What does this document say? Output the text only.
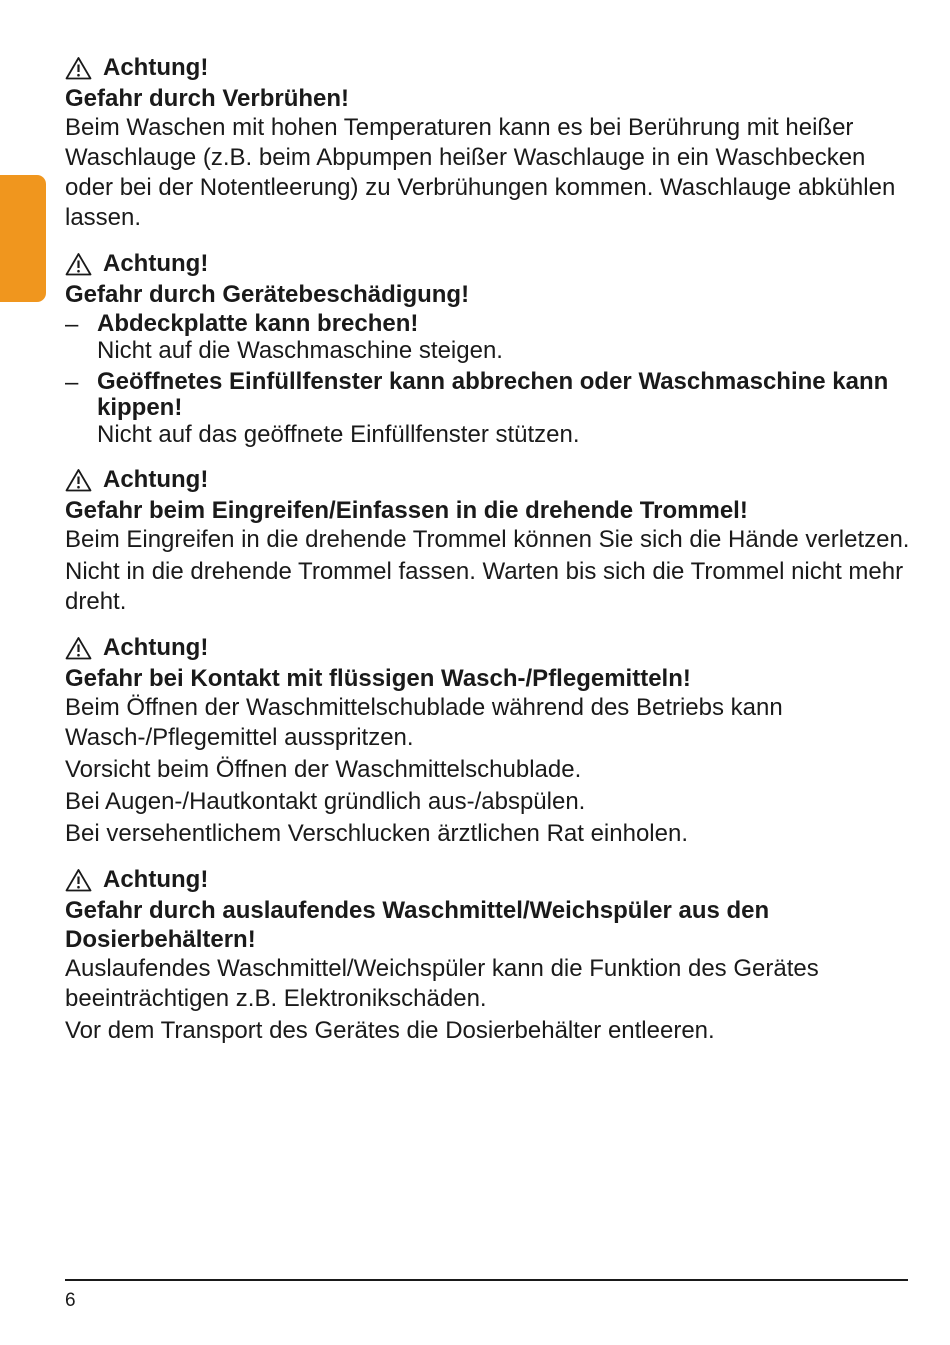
Achtung!
Gefahr durch Verbrühen!
Beim Waschen mit hohen Temperaturen kann es bei Berührung mit heißer Waschlauge (z.B. beim Abpumpen heißer Waschlauge in ein Waschbecken oder bei der Notentleerung) zu Verbrühungen kommen. Waschlauge abkühlen lassen.
Achtung!
Gefahr durch Gerätebeschädigung!
– Abdeckplatte kann brechen!
Nicht auf die Waschmaschine steigen.
– Geöffnetes Einfüllfenster kann abbrechen oder Waschmaschine kann kippen!
Nicht auf das geöffnete Einfüllfenster stützen.
Achtung!
Gefahr beim Eingreifen/Einfassen in die drehende Trommel!
Beim Eingreifen in die drehende Trommel können Sie sich die Hände verletzen.
Nicht in die drehende Trommel fassen. Warten bis sich die Trommel nicht mehr dreht.
Achtung!
Gefahr bei Kontakt mit flüssigen Wasch-/Pflegemitteln!
Beim Öffnen der Waschmittelschublade während des Betriebs kann Wasch-/Pflegemittel ausspritzen.
Vorsicht beim Öffnen der Waschmittelschublade.
Bei Augen-/Hautkontakt gründlich aus-/abspülen.
Bei versehentlichem Verschlucken ärztlichen Rat einholen.
Achtung!
Gefahr durch auslaufendes Waschmittel/Weichspüler aus den Dosierbehältern!
Auslaufendes Waschmittel/Weichspüler kann die Funktion des Gerätes beeinträchtigen z.B. Elektronikschäden.
Vor dem Transport des Gerätes die Dosierbehälter entleeren.
6
